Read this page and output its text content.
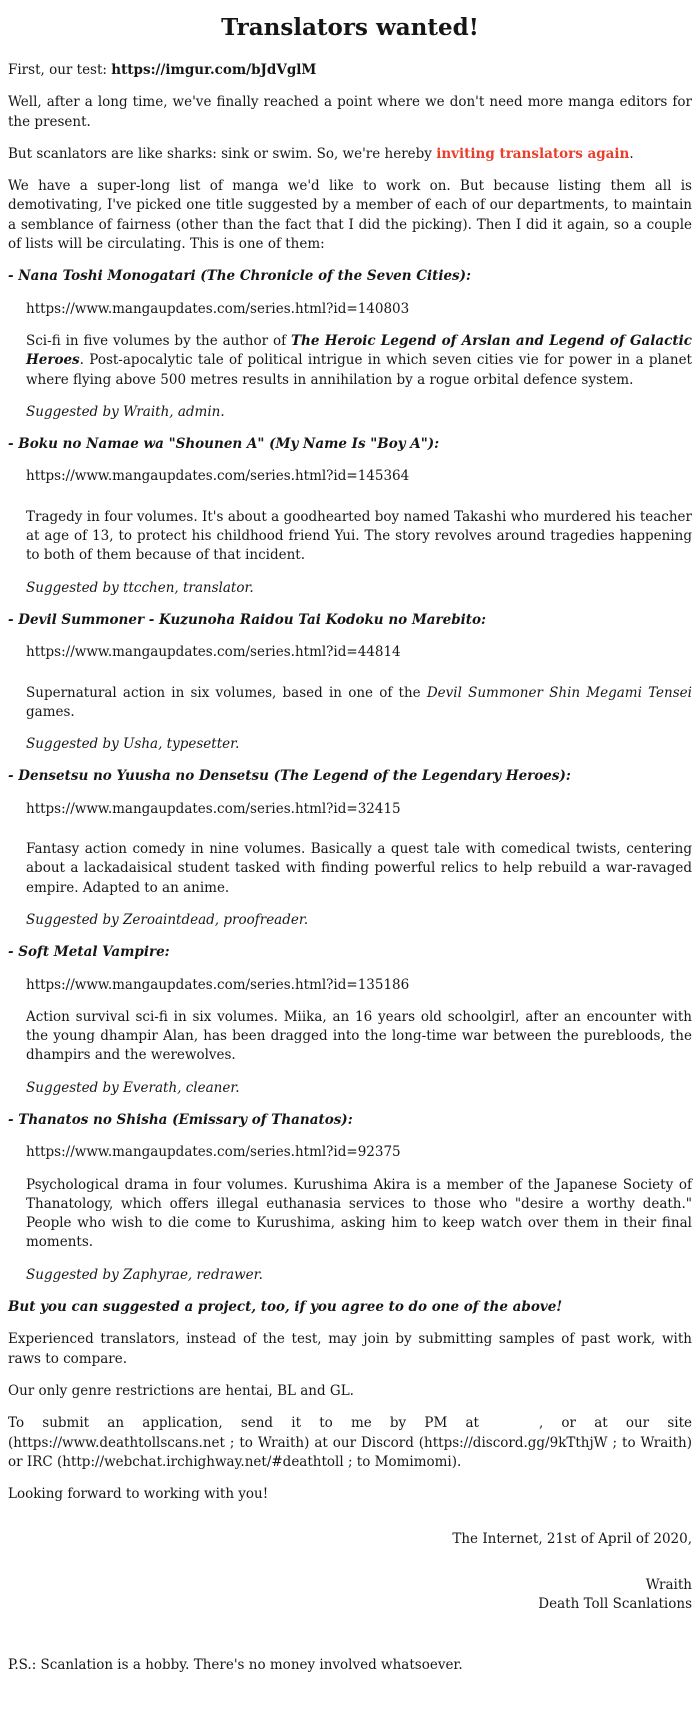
Translators wanted!

First, our test: https://imgur.com/bJdVglM

Well, after a long time, we've finally reached a point where we don't need more manga editors for the present.

But scanlators are like sharks: sink or swim. So, we're hereby inviting translators again.

We have a super-long list of manga we'd like to work on. But because listing them all is demotivating, I've picked one title suggested by a member of each of our departments, to maintain a semblance of fairness (other than the fact that I did the picking). Then I did it again, so a couple of lists will be circulating. This is one of them:

- Nana Toshi Monogatari (The Chronicle of the Seven Cities):

https://www.mangaupdates.com/series.html?id=140803

Sci-fi in five volumes by the author of The Heroic Legend of Arslan and Legend of Galactic Heroes. Post-apocalytic tale of political intrigue in which seven cities vie for power in a planet where flying above 500 metres results in annihilation by a rogue orbital defence system.

Suggested by Wraith, admin.

- Boku no Namae wa "Shounen A" (My Name Is "Boy A"):

https://www.mangaupdates.com/series.html?id=145364

Tragedy in four volumes. It's about a goodhearted boy named Takashi who murdered his teacher at age of 13, to protect his childhood friend Yui. The story revolves around tragedies happening to both of them because of that incident.

Suggested by ttcchen, translator.

- Devil Summoner - Kuzunoha Raidou Tai Kodoku no Marebito:

https://www.mangaupdates.com/series.html?id=44814

Supernatural action in six volumes, based in one of the Devil Summoner Shin Megami Tensei games.

Suggested by Usha, typesetter.

- Densetsu no Yuusha no Densetsu (The Legend of the Legendary Heroes):

https://www.mangaupdates.com/series.html?id=32415

Fantasy action comedy in nine volumes. Basically a quest tale with comedical twists, centering about a lackadaisical student tasked with finding powerful relics to help rebuild a war-ravaged empire. Adapted to an anime.

Suggested by Zeroaintdead, proofreader.

- Soft Metal Vampire:

https://www.mangaupdates.com/series.html?id=135186

Action survival sci-fi in six volumes. Miika, an 16 years old schoolgirl, after an encounter with the young dhampir Alan, has been dragged into the long-time war between the purebloods, the dhampirs and the werewolves.

Suggested by Everath, cleaner.

- Thanatos no Shisha (Emissary of Thanatos):

https://www.mangaupdates.com/series.html?id=92375

Psychological drama in four volumes. Kurushima Akira is a member of the Japanese Society of Thanatology, which offers illegal euthanasia services to those who "desire a worthy death." People who wish to die come to Kurushima, asking him to keep watch over them in their final moments.

Suggested by Zaphyrae, redrawer.

But you can suggested a project, too, if you agree to do one of the above!

Experienced translators, instead of the test, may join by submitting samples of past work, with raws to compare.

Our only genre restrictions are hentai, BL and GL.

To submit an application, send it to me by PM at	, or at our site (https://www.deathtollscans.net ; to Wraith) at our Discord (https://discord.gg/9kTthjW ; to Wraith) or IRC (http://webchat.irchighway.net/#deathtoll ; to Momimomi).

Looking forward to working with you!

The Internet, 21st of April of 2020,

Wraith

Death Toll Scanlations

P.S.: Scanlation is a hobby. There's no money involved whatsoever.
